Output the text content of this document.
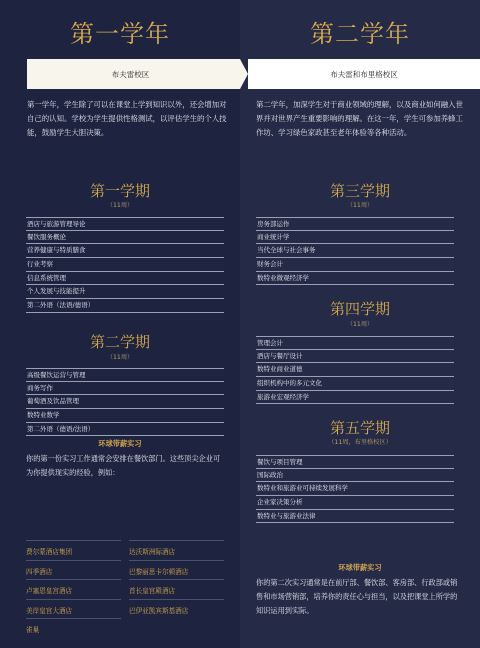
第一学年
布夫雷校区
第一学年，学生除了可以在课堂上学到知识以外，还会增加对自己的认知。学校为学生提供性格测试，以评估学生的个人技能，鼓励学生大胆决策。
第一学期
（11周）
酒店与旅游管理导论
餐饮服务概论
营养健康与特质膳食
行业考察
信息系统管理
个人发展与技能提升
第二外语（法语/德语）
第二学期
（11周）
高级餐饮运营与管理
商务写作
葡萄酒及饮品管理
数特业数学
第二外语（德语/法语）
环球带薪实习
你的第一份实习工作通常会安排在餐饮部门。这些顶尖企业可为你提供现实的经验，例如：
费尔蒙酒店集团	达沃斯洲际酒店
四季酒店	巴黎丽思卡尔顿酒店
卢塞恩皇宫酒店	首长皇宫殿酒店
美岸皇宫大酒店	巴伊亚凯宾斯基酒店
雀巢
第二学年
布夫雷和布里格校区
第二学年，加深学生对于商业领域的理解，以及商业如何融入世界并对世界产生重要影响的理解。在这一年，学生可参加养蜂工作坊、学习绿色家政甚至老年体验等各种活动。
第三学期
（11周）
房务部运作
商业统计学
当代全球与社会事务
财务会计
数特业微观经济学
第四学期
（11周）
管理会计
酒店与餐厅设计
数特业商业道德
组织机构中的多元文化
旅游业宏观经济学
第五学期
（11周，布里格校区）
餐饮与项目管理
国际政治
数特业和旅游业可持续发展科学
企业家决策分析
数特业与旅游业法律
环球带薪实习
你的第二次实习通常是在前厅部、餐饮部、客房部、行政部或销售和市场营销部，培养你的责任心与担当，以及把课堂上所学的知识运用到实际。
